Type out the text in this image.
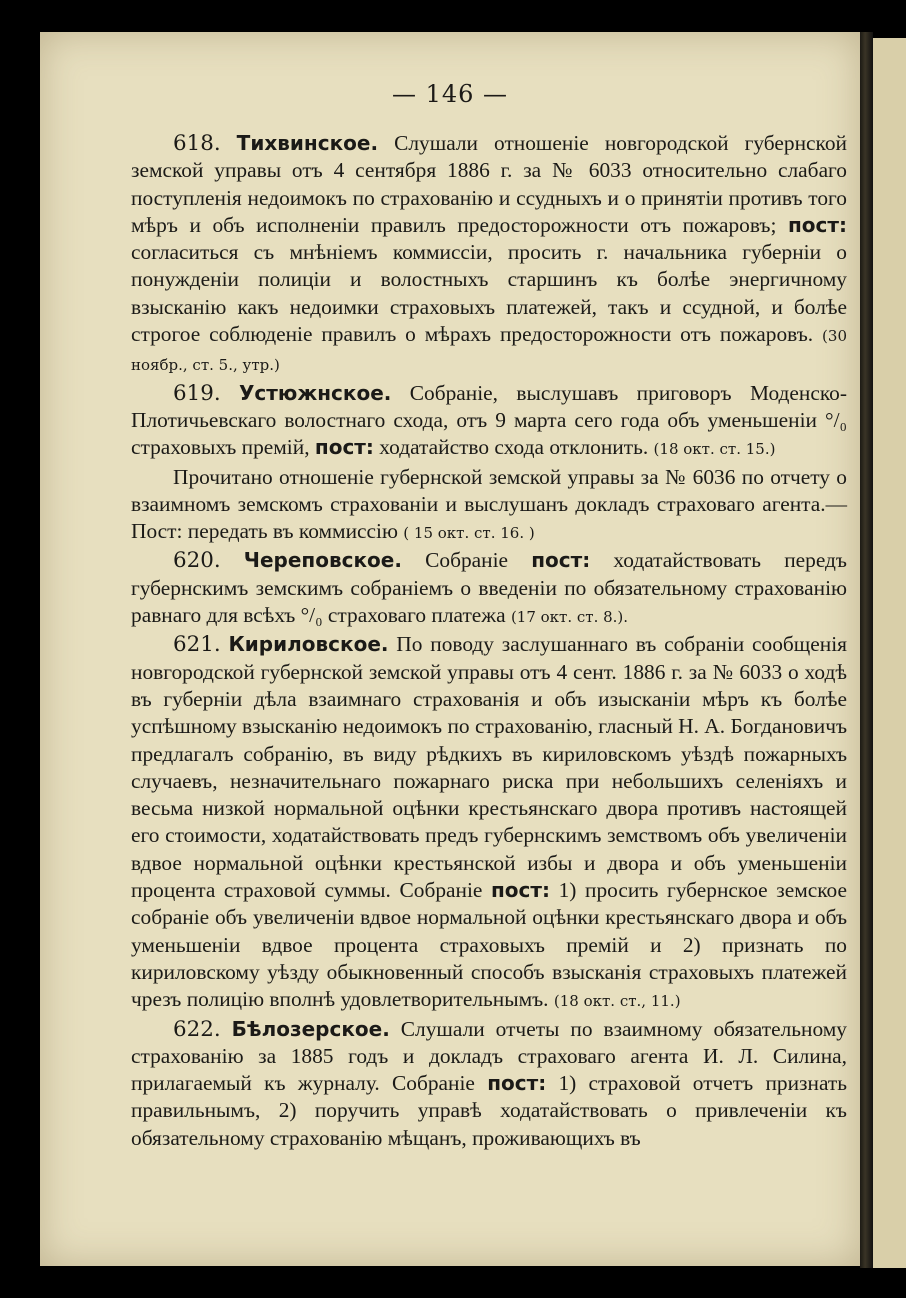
— 146 —

618. Тихвинское. Слушали отношеніе новгородской губернской земской управы отъ 4 сентября 1886 г. за № 6033 относительно слабаго поступленія недоимокъ по страхованію и ссудныхъ и о принятіи противъ того мѣръ и объ исполненіи правилъ предосторожности отъ пожаровъ; пост: согласиться съ мнѣніемъ коммиссіи, просить г. начальника губерніи о понужденіи полиціи и волостныхъ старшинъ къ болѣе энергичному взысканію какъ недоимки страховыхъ платежей, такъ и ссудной, и болѣе строгое соблюденіе правилъ о мѣрахъ предосторожности отъ пожаровъ. (30 ноябр., ст. 5., утр.)

619. Устюжнское. Собраніе, выслушавъ приговоръ Моденско-Плотичьевскаго волостнаго схода, отъ 9 марта сего года объ уменьшеніи °/₀ страховыхъ премій, пост: ходатайство схода отклонить. (18 окт. ст. 15.)

Прочитано отношеніе губернской земской управы за № 6036 по отчету о взаимномъ земскомъ страхованіи и выслушанъ докладъ страховаго агента.—Пост: передать въ коммиссію ( 15 окт. ст. 16. )

620. Череповское. Собраніе пост: ходатайствовать передъ губернскимъ земскимъ собраніемъ о введеніи по обязательному страхованію равнаго для всѣхъ °/₀ страховаго платежа (17 окт. ст. 8.).

621. Кириловское. По поводу заслушаннаго въ собраніи сообщенія новгородской губернской земской управы отъ 4 сент. 1886 г. за № 6033 о ходѣ въ губерніи дѣла взаимнаго страхованія и объ изысканіи мѣръ къ болѣе успѣшному взысканію недоимокъ по страхованію, гласный Н. А. Богдановичъ предлагалъ собранію, въ виду рѣдкихъ въ кириловскомъ уѣздѣ пожарныхъ случаевъ, незначительнаго пожарнаго риска при небольшихъ селеніяхъ и весьма низкой нормальной оцѣнки крестьянскаго двора противъ настоящей его стоимости, ходатайствовать предъ губернскимъ земствомъ объ увеличеніи вдвое нормальной оцѣнки крестьянской избы и двора и объ уменьшеніи процента страховой суммы. Собраніе пост: 1) просить губернское земское собраніе объ увеличеніи вдвое нормальной оцѣнки крестьянскаго двора и объ уменьшеніи вдвое процента страховыхъ премій и 2) признать по кириловскому уѣзду обыкновенный способъ взысканія страховыхъ платежей чрезъ полицію вполнѣ удовлетворительнымъ. (18 окт. ст., 11.)

622. Бѣлозерское. Слушали отчеты по взаимному обязательному страхованію за 1885 годъ и докладъ страховаго агента И. Л. Силина, прилагаемый къ журналу. Собраніе пост: 1) страховой отчетъ признать правильнымъ, 2) поручить управѣ ходатайствовать о привлеченіи къ обязательному страхованію мѣщанъ, проживающихъ въ
